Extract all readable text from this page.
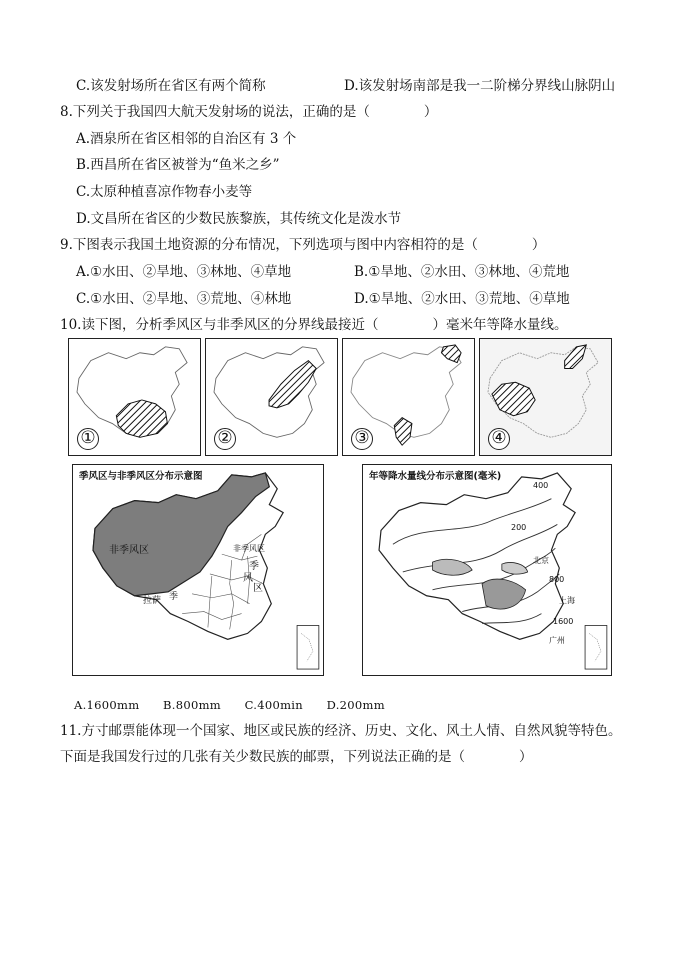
C.该发射场所在省区有两个简称	D.该发射场南部是我一二阶梯分界线山脉阴山
8.下列关于我国四大航天发射场的说法，正确的是（　　　　）
A.酒泉所在省区相邻的自治区有 3 个
B.西昌所在省区被誉为“鱼米之乡”
C.太原种植喜凉作物春小麦等
D.文昌所在省区的少数民族黎族，其传统文化是泼水节
9.下图表示我国土地资源的分布情况，下列选项与图中内容相符的是（　　　　）
A.①水田、②旱地、③林地、④草地	B.①旱地、②水田、③林地、④荒地
C.①水田、②旱地、③荒地、④林地	D.①旱地、②水田、③荒地、④草地
10.读下图，分析季风区与非季风区的分界线最接近（　　　　）毫米年等降水量线。
①	②	③	④
季风区与非季风区分布示意图
非季风区	非季风区
季
风
区
拉萨 季
年等降水量线分布示意图(毫米)
400
200
800
1600
北京
上海
广州
A.1600mm　　B.800mm　　C.400min　　D.200mm
11.方寸邮票能体现一个国家、地区或民族的经济、历史、文化、风土人情、自然风貌等特色。
下面是我国发行过的几张有关少数民族的邮票，下列说法正确的是（　　　　）
